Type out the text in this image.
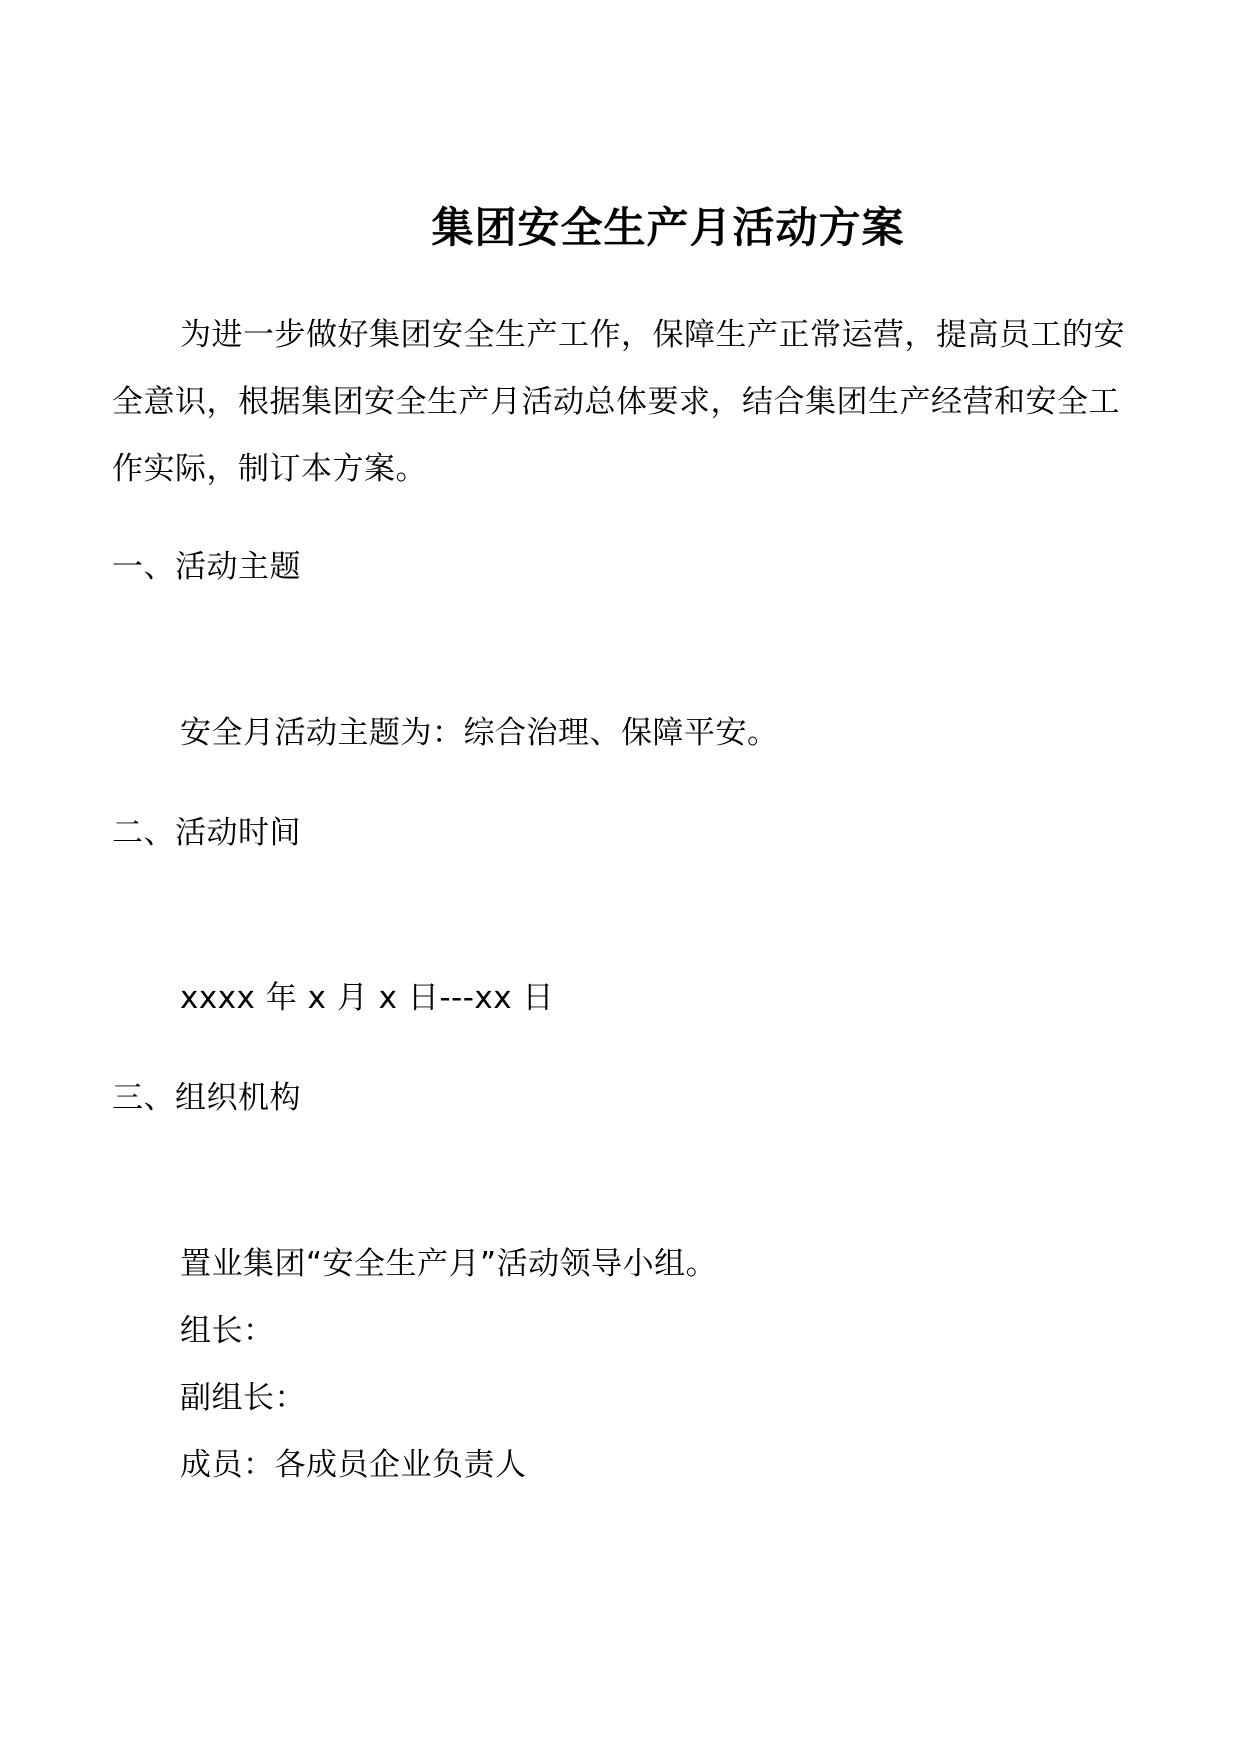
集团安全生产月活动方案

为进一步做好集团安全生产工作，保障生产正常运营，提高员工的安全意识，根据集团安全生产月活动总体要求，结合集团生产经营和安全工作实际，制订本方案。

一、活动主题

安全月活动主题为：综合治理、保障平安。

二、活动时间

xxxx 年 x 月 x 日---xx 日

三、组织机构

置业集团“安全生产月”活动领导小组。

组长：

副组长：

成员：各成员企业负责人
